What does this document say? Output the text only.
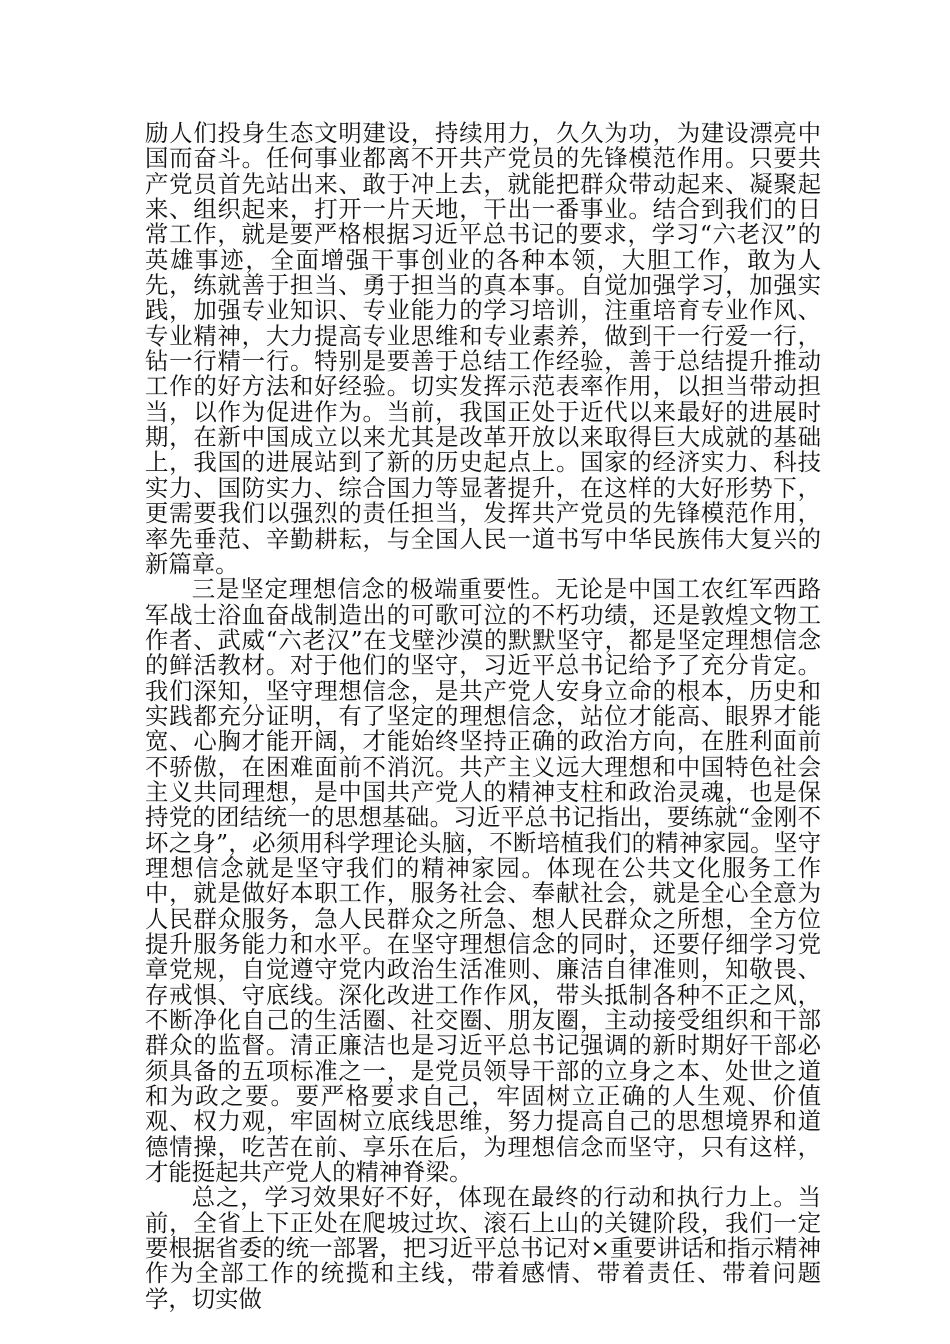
励人们投身生态文明建设，持续用力，久久为功，为建设漂亮中国而奋斗。任何事业都离不开共产党员的先锋模范作用。只要共产党员首先站出来、敢于冲上去，就能把群众带动起来、凝聚起来、组织起来，打开一片天地，干出一番事业。结合到我们的日常工作，就是要严格根据习近平总书记的要求，学习“六老汉”的英雄事迹，全面增强干事创业的各种本领，大胆工作，敢为人先，练就善于担当、勇于担当的真本事。自觉加强学习，加强实践，加强专业知识、专业能力的学习培训，注重培育专业作风、专业精神，大力提高专业思维和专业素养，做到干一行爱一行，钻一行精一行。特别是要善于总结工作经验，善于总结提升推动工作的好方法和好经验。切实发挥示范表率作用，以担当带动担当，以作为促进作为。当前，我国正处于近代以来最好的进展时期，在新中国成立以来尤其是改革开放以来取得巨大成就的基础上，我国的进展站到了新的历史起点上。国家的经济实力、科技实力、国防实力、综合国力等显著提升，在这样的大好形势下，更需要我们以强烈的责任担当，发挥共产党员的先锋模范作用，率先垂范、辛勤耕耘，与全国人民一道书写中华民族伟大复兴的新篇章。

三是坚定理想信念的极端重要性。无论是中国工农红军西路军战士浴血奋战制造出的可歌可泣的不朽功绩，还是敦煌文物工作者、武威“六老汉”在戈壁沙漠的默默坚守，都是坚定理想信念的鲜活教材。对于他们的坚守，习近平总书记给予了充分肯定。我们深知，坚守理想信念，是共产党人安身立命的根本，历史和实践都充分证明，有了坚定的理想信念，站位才能高、眼界才能宽、心胸才能开阔，才能始终坚持正确的政治方向，在胜利面前不骄傲，在困难面前不消沉。共产主义远大理想和中国特色社会主义共同理想，是中国共产党人的精神支柱和政治灵魂，也是保持党的团结统一的思想基础。习近平总书记指出，要练就“金刚不坏之身”，必须用科学理论头脑，不断培植我们的精神家园。坚守理想信念就是坚守我们的精神家园。体现在公共文化服务工作中，就是做好本职工作，服务社会、奉献社会，就是全心全意为人民群众服务，急人民群众之所急、想人民群众之所想，全方位提升服务能力和水平。在坚守理想信念的同时，还要仔细学习党章党规，自觉遵守党内政治生活准则、廉洁自律准则，知敬畏、存戒惧、守底线。深化改进工作作风，带头抵制各种不正之风，不断净化自己的生活圈、社交圈、朋友圈，主动接受组织和干部群众的监督。清正廉洁也是习近平总书记强调的新时期好干部必须具备的五项标准之一，是党员领导干部的立身之本、处世之道和为政之要。要严格要求自己，牢固树立正确的人生观、价值观、权力观，牢固树立底线思维，努力提高自己的思想境界和道德情操，吃苦在前、享乐在后，为理想信念而坚守，只有这样，才能挺起共产党人的精神脊梁。

总之，学习效果好不好，体现在最终的行动和执行力上。当前，全省上下正处在爬坡过坎、滚石上山的关键阶段，我们一定要根据省委的统一部署，把习近平总书记对×重要讲话和指示精神作为全部工作的统揽和主线，带着感情、带着责任、带着问题学，切实做
